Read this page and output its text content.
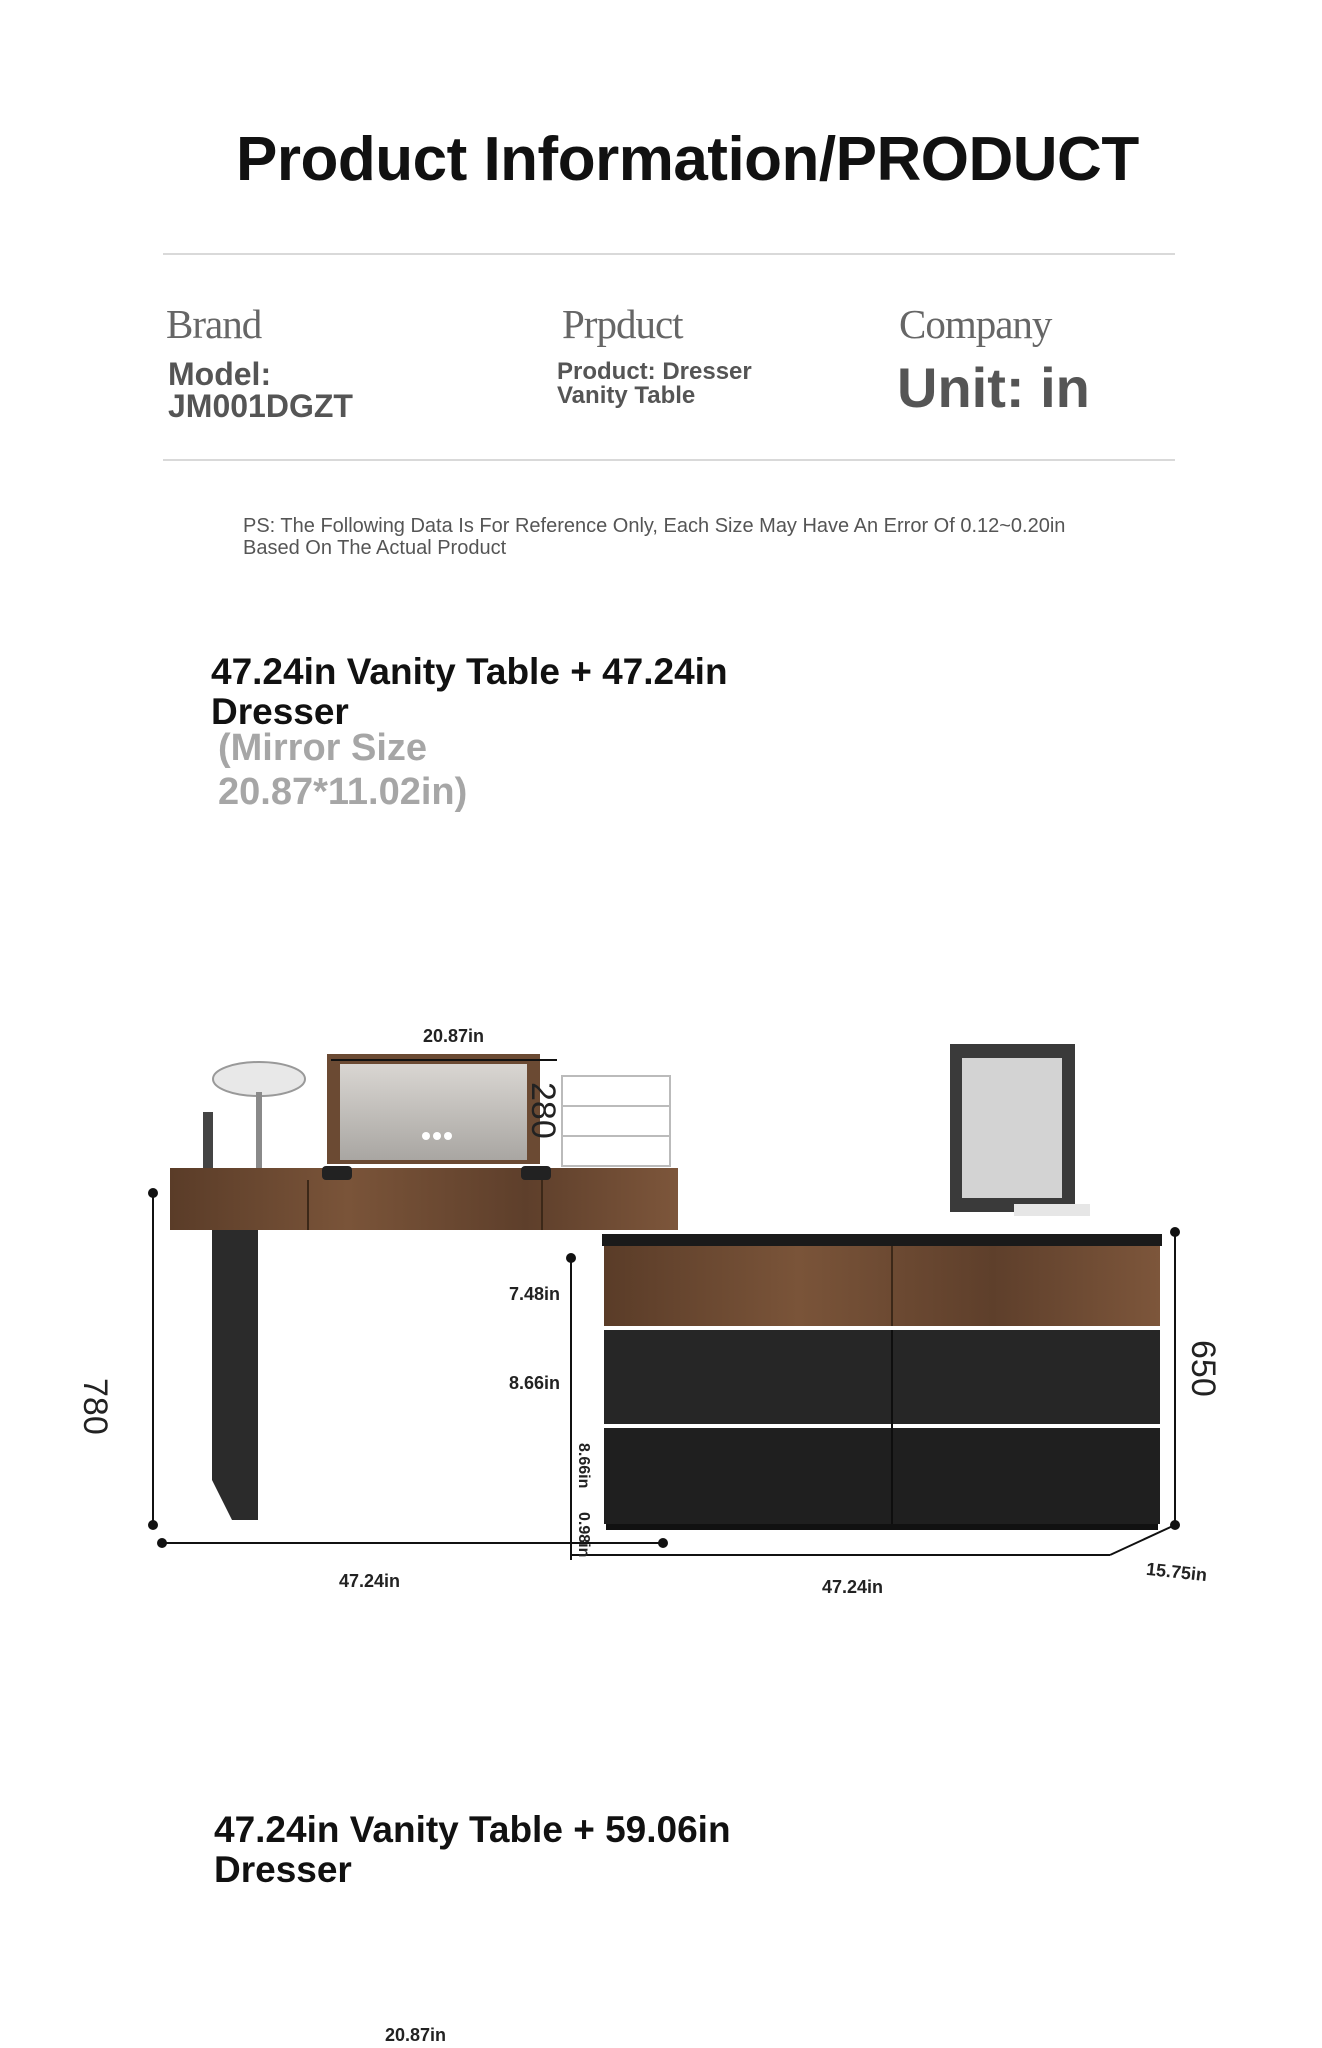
Product Information/PRODUCT
Brand
Model:
JM001DGZT
Prpduct
Product: Dresser
Vanity Table
Company
Unit: in
PS: The Following Data Is For Reference Only, Each Size May Have An Error Of 0.12~0.20in Based On The Actual Product
47.24in Vanity Table + 47.24in
Dresser
(Mirror Size
20.87*11.02in)
20.87in
280
780
650
7.48in
8.66in
8.66in
0.98in
47.24in	47.24in
15.75in
47.24in Vanity Table + 59.06in
Dresser
20.87in
